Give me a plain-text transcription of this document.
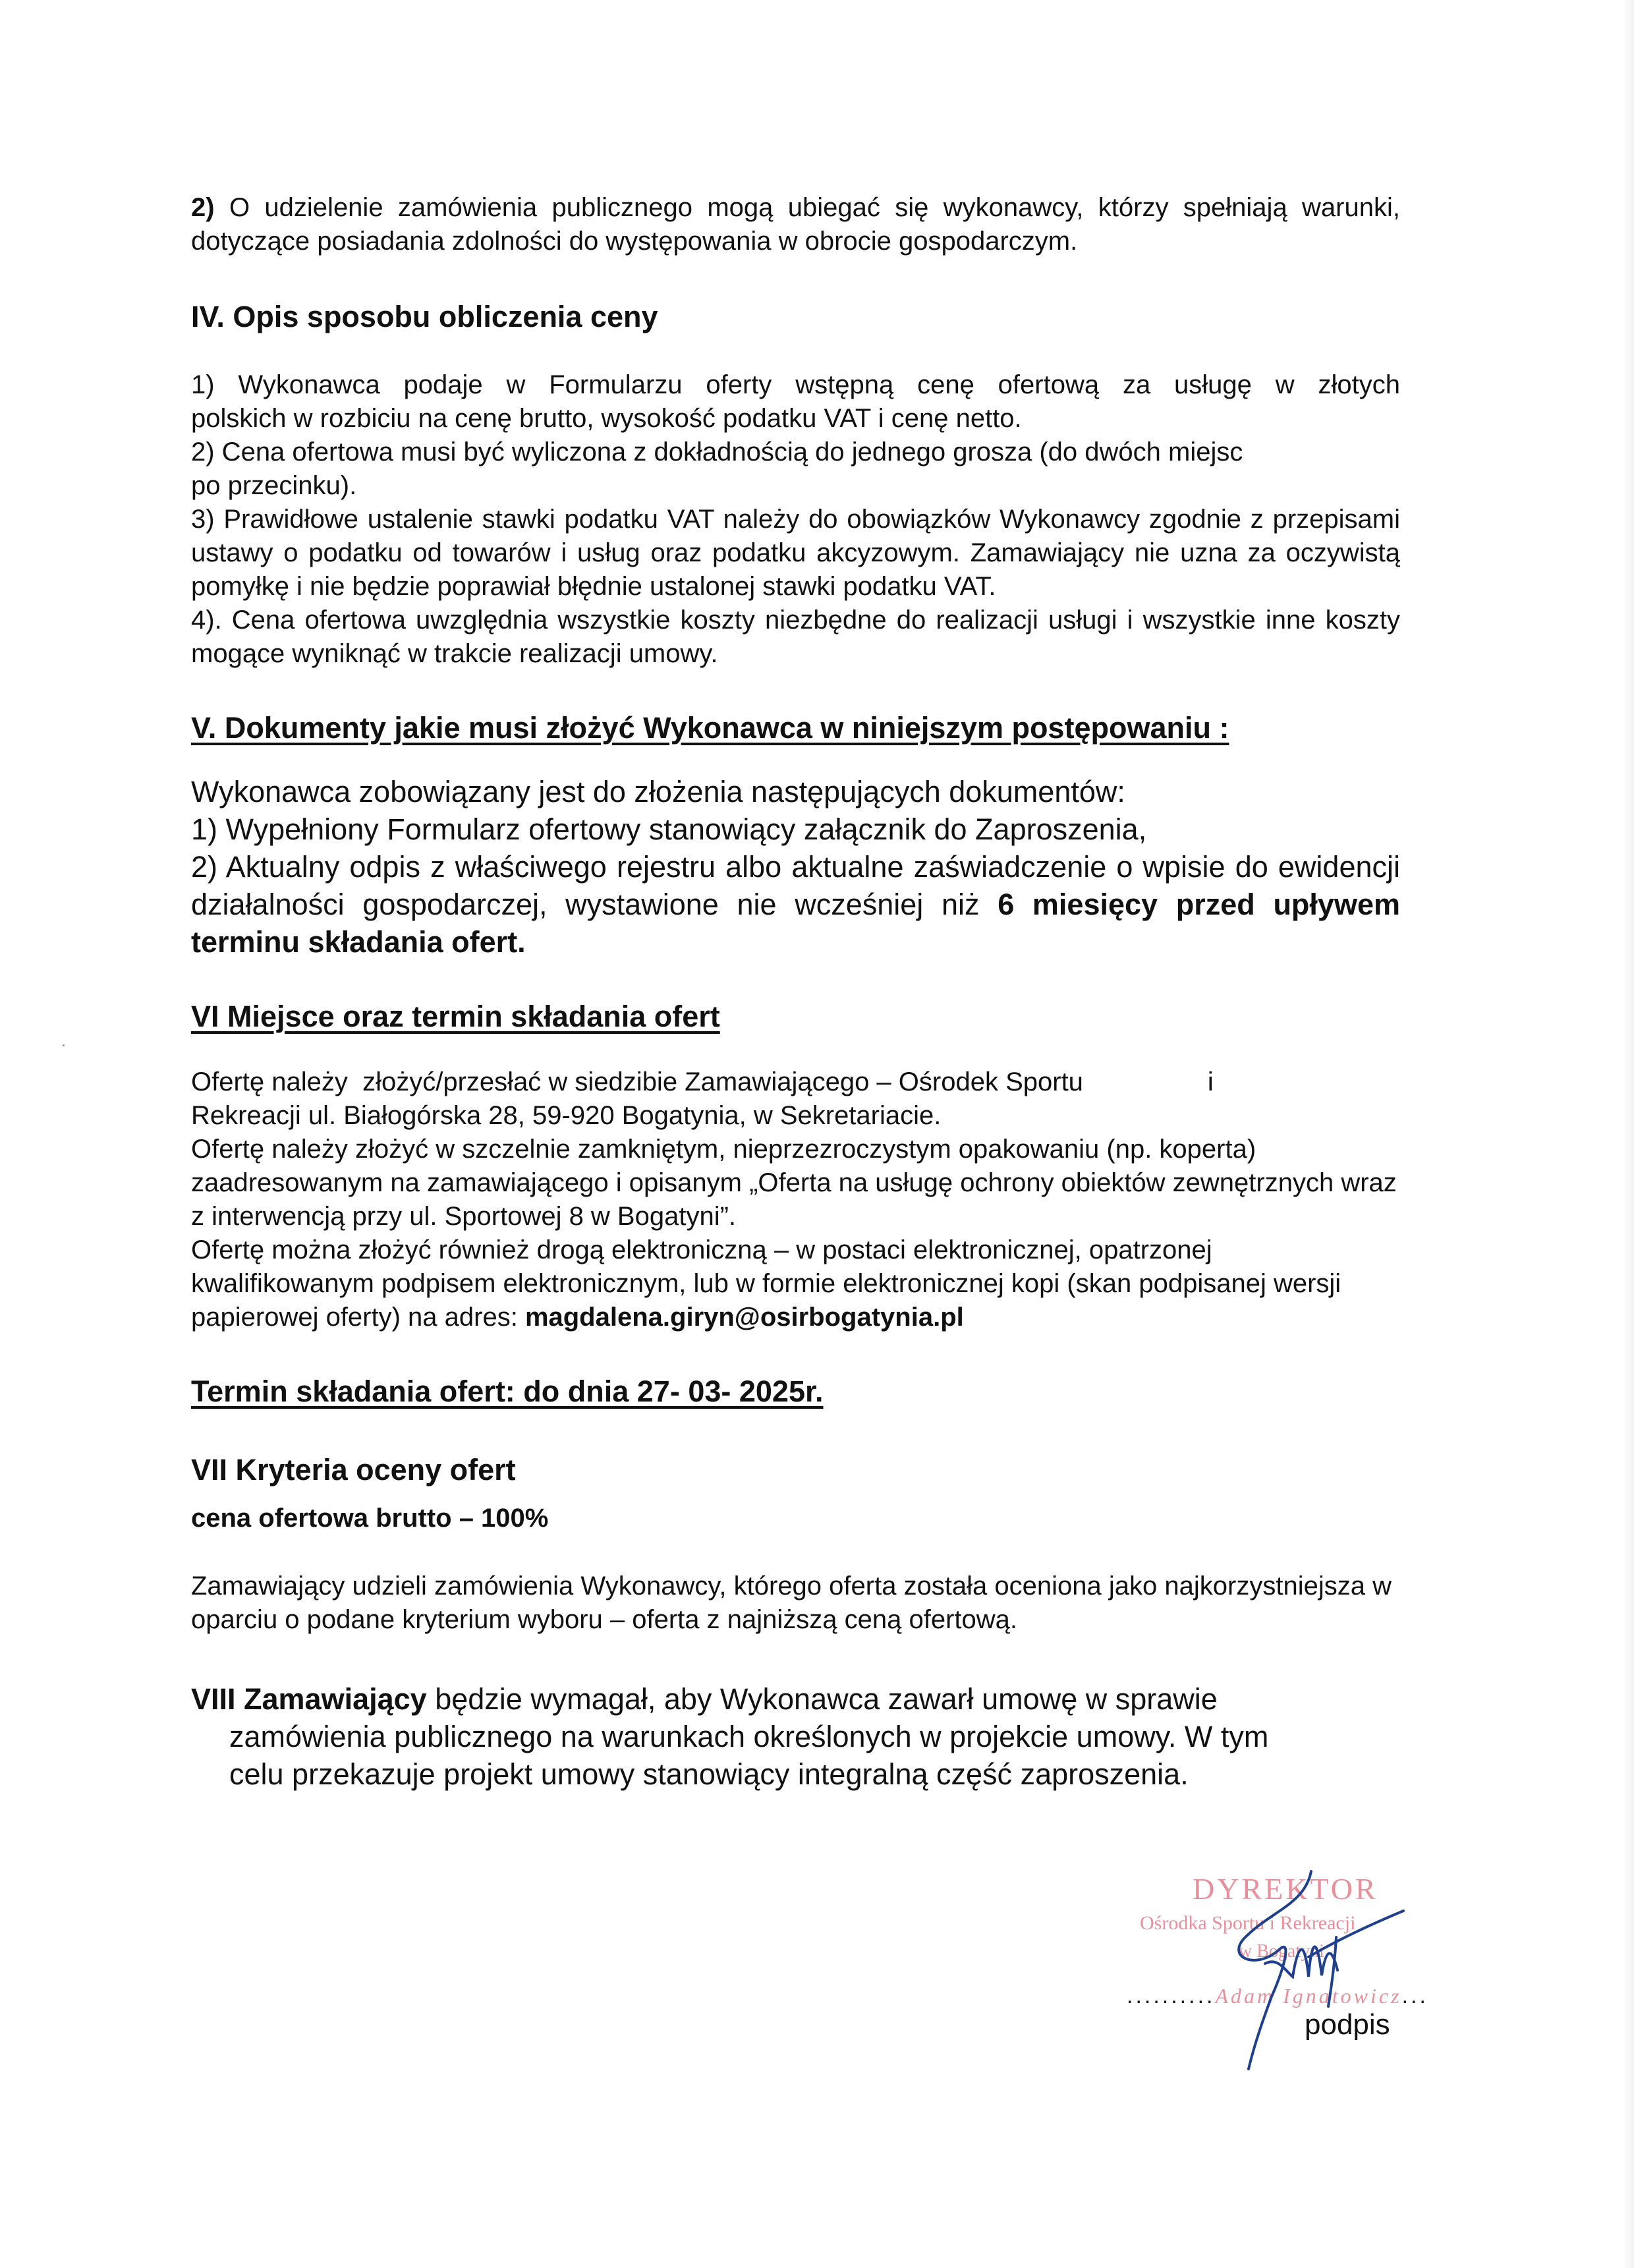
2) O udzielenie zamówienia publicznego mogą ubiegać się wykonawcy, którzy spełniają warunki, dotyczące posiadania zdolności do występowania w obrocie gospodarczym.

IV. Opis sposobu obliczenia ceny

1) Wykonawca podaje w Formularzu oferty wstępną cenę ofertową za usługę w złotych

polskich w rozbiciu na cenę brutto, wysokość podatku VAT i cenę netto.

2) Cena ofertowa musi być wyliczona z dokładnością do jednego grosza (do dwóch miejsc

po przecinku).

3) Prawidłowe ustalenie stawki podatku VAT należy do obowiązków Wykonawcy zgodnie z przepisami ustawy o podatku od towarów i usług oraz podatku akcyzowym. Zamawiający nie uzna za oczywistą pomyłkę i nie będzie poprawiał błędnie ustalonej stawki podatku VAT.

4). Cena ofertowa uwzględnia wszystkie koszty niezbędne do realizacji usługi i wszystkie inne koszty mogące wyniknąć w trakcie realizacji umowy.

V. Dokumenty jakie musi złożyć Wykonawca w niniejszym postępowaniu :

Wykonawca zobowiązany jest do złożenia następujących dokumentów:

1) Wypełniony Formularz ofertowy stanowiący załącznik do Zaproszenia,

2) Aktualny odpis z właściwego rejestru albo aktualne zaświadczenie o wpisie do ewidencji działalności gospodarczej, wystawione nie wcześniej niż 6 miesięcy przed upływem terminu składania ofert.

VI Miejsce oraz termin składania ofert

Ofertę należy  złożyć/przesłać w siedzibie Zamawiającego – Ośrodek Sportu                 i

Rekreacji ul. Białogórska 28, 59-920 Bogatynia, w Sekretariacie.

Ofertę należy złożyć w szczelnie zamkniętym, nieprzezroczystym opakowaniu (np. koperta) zaadresowanym na zamawiającego i opisanym „Oferta na usługę ochrony obiektów zewnętrznych wraz z interwencją przy ul. Sportowej 8 w Bogatyni”.

Ofertę można złożyć również drogą elektroniczną – w postaci elektronicznej, opatrzonej kwalifikowanym podpisem elektronicznym, lub w formie elektronicznej kopi (skan podpisanej wersji papierowej oferty) na adres: magdalena.giryn@osirbogatynia.pl

Termin składania ofert: do dnia 27- 03- 2025r.

VII Kryteria oceny ofert

cena ofertowa brutto – 100%

Zamawiający udzieli zamówienia Wykonawcy, którego oferta została oceniona jako najkorzystniejsza w oparciu o podane kryterium wyboru – oferta z najniższą ceną ofertową.

VIII Zamawiający będzie wymagał, aby Wykonawca zawarł umowę w sprawie

zamówienia publicznego na warunkach określonych w projekcie umowy. W tym

celu przekazuje projekt umowy stanowiący integralną część zaproszenia.

DYREKTOR
Ośrodka Sportu i Rekreacji
w Bogatyni
..........Adam Ignatowicz...
podpis
